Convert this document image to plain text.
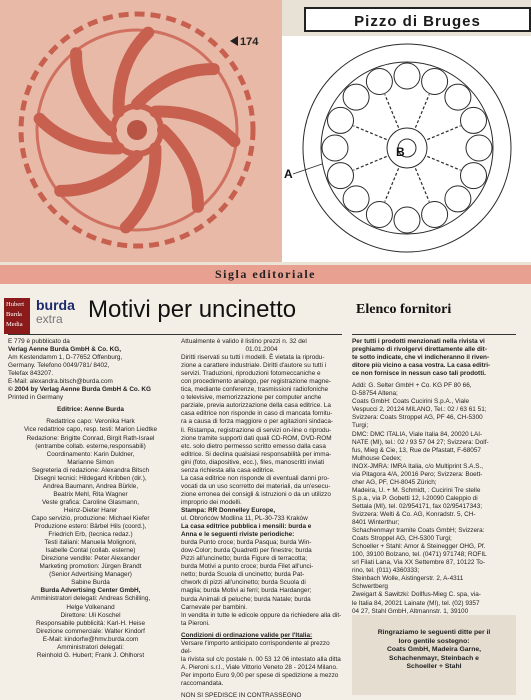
174
Pizzo di Bruges
A
B
Sigla editoriale
Hubert
Burda
Media
burda
extra	Motivi per uncinetto	Elenco fornitori

E 779 è pubblicato da

Verlag Aenne Burda GmbH & Co. KG,

Am Kestendamm 1, D-77652 Offenburg,

Germany. Telefono 0049/781/ 8402,

Telefax 843207.

E-Mail: alexandra.bitsch@burda.com

© 2004 by Verlag Aenne Burda GmbH & Co. KG

Printed in Germany

Editrice: Aenne Burda

Redattrice capo: Veronika Hark

Vice redattrice capo, resp. testi: Marion Liedtke

Redazione: Brigitte Conrad, Birgit Rath-Israel

(entrambe collab. esterne,responsabili)

Coordinamento: Karin Duldner,

Marianne Simon

Segreteria di redazione: Alexandra Bitsch

Disegni tecnici: Hildegard Kribben (dir.),

Andrea Baumann, Andrea Bürkle,

Beatrix Mehl, Rita Wagner

Veste grafica: Caroline Glasmann,

Heinz-Dieter Harer

Capo servizio, produzione: Michael Kiefer

Produzione estero: Bärbel Hils (coord.),

Friedrich Erb, (tecnica redaz.)

Testi italiani: Manuela Molignoni,

Isabelle Contal (collab. esterne)

Direzione vendite: Peter Alexander

Marketing promotion: Jürgen Brandt

(Senior Advertising Manager)

Sabine Burda

Burda Advertising Center GmbH,

Amministratori delegati: Andreas Schilling,

Helge Volkenand

Direttore: Uli Koschel

Responsabile pubblicità: Karl-H. Heise

Direzione commerciale: Walter Kindorf

E-Mail: kindorfw@hmv.burda.com

Amministratori delegati:

Reinhold G. Hubert; Frank J. Ohlhorst

Attualmente è valido il listino prezzi n. 32 del

01.01.2004

Diritti riservati su tutti i modelli. È vietata la riprodu-

zione a carattere industriale. Diritti d'autore su tutti i

servizi. Traduzioni, riproduzioni fotomeccaniche e

con procedimento analogo, per registrazione magne-

tica, mediante conferenze, trasmissioni radiofoniche

o televisive, memorizzazione per computer anche

parziale, previa autorizzazione della casa editrice. La

casa editrice non risponde in caso di mancata fornitu-

ra a causa di forza maggiore o per agitazioni sindaca-

li. Ristampa, registrazione di servizi on-line o riprodu-

zione tramite supporti dati quali CD-ROM, DVD-ROM

etc. solo dietro permesso scritto emesso dalla casa

editrice. Si declina qualsiasi responsabilità per imma-

gini (foto, diapositive, ecc.), files, manoscritti inviati

senza richiesta alla casa editrice.

La casa editrice non risponde di eventuali danni pro-

vocati da un uso scorretto dei materiali, da un'esecu-

zione erronea dei consigli & istruzioni o da un utilizzo

improprio dei modelli.

Stampa: RR Donnelley Europe,

ul. Obrońców Modlina 11, PL-30-733 Kraków

La casa editrice pubblica i mensili: burda e

Anna e le seguenti riviste periodiche:

burda Punto croce; burda Pasqua; burda Win-

dow-Color; burda Quadretti per finestre; burda

Pizzi all'uncinetto; burda Figure di terracotta;

burda Motivi a punto croce; burda Filet all'unci-

netto; burda Scuola di uncinetto; burda Pat-

chwork di pizzi all'uncinetto; burda Scuola di

maglia; burda Motivi ai ferri; burda Hardanger;

burda Animali di peluche; burda Natale; burda

Carnevale per bambini.

In vendita in tutte le edicole oppure da richiedere alla dit-

ta Pieroni.

Condizioni di ordinazione valide per l'Italia:

Versare l'importo anticipato corrispondente al prezzo del-

la rivista sul c/c postale n. 00 53 12 06 intestato alla ditta

A. Pieroni s.r.l., Viale Vittorio Veneto 28 - 20124 Milano.

Per importo Euro 9,00 per spese di spedizione a mezzo

raccomandata.

NON SI SPEDISCE IN CONTRASSEGNO

Per tutti i prodotti menzionati nella rivista vi

preghiamo di rivolgervi direttamente alle dit-

te sotto indicate, che vi indicheranno il riven-

ditore più vicino a casa vostra. La casa editri-

ce non fornisce in nessun caso tali prodotti.

Addi: G. Selter GmbH + Co. KG PF 80 66,

D-58754 Altena;

Coats GmbH: Coats Cucirini S.p.A., Viale

Vespucci 2, 20124 MILANO, Tel.: 02 / 63 61 51;

Svizzera: Coats Stroppel AG, PF 46, CH-5300

Turgi;

DMC: DMC ITALIA, Viale Italia 84, 20020 LAI-

NATE (MI), tel.: 02 / 93 57 04 27; Svizzera: Dolf-

fus, Mieg & Cie, 13, Rue de Pfastatt, F-68057

Mulhouse Cedex;

INOX-JMRA: IMRA Italia, c/o Multiprint S.A.S.,

via Pitagora 4/A, 20016 Pero; Svizzera: Boett-

cher AG, PF, CH-8045 Zürich;

Madeira, U. + M. Schmidt, : Cucirini Tre stelle

S.p.a., via P. Gobetti 12, I-20090 Caleppio di

Settala (MI), tel. 02/954171, fax 02/95417343;

Svizzera: Welti & Co. AG, Konradstr. 5, CH-

8401 Winterthur;

Schachenmayr tramite Coats GmbH; Svizzera:

Coats Stroppel AG, CH-5300 Turgi;

Schoeller + Stahl: Amor & Steinegger OHG, Pf.

100, 39100 Bolzano, tel. (0471) 971748; ROFIL

srl Filati Lana, Via XX Settembre 87, 10122 To-

rino, tel. (011) 4360333;

Steinbach Wolle, Aistingerstr. 2, A-4311

Schwertberg

Zweigart & Sawitzki: Dollfus-Mieg C. spa, via-

le Italia 84, 20021 Lainate (MI), tel. (02) 9357

04 27, Stahl GmbH, Altmannstr. 1, 39100

Ringraziamo le seguenti ditte per il

loro gentile sostegno:

Coats GmbH, Madeira Garne,

Schachenmayr, Steinbach e

Schoeller + Stahl
